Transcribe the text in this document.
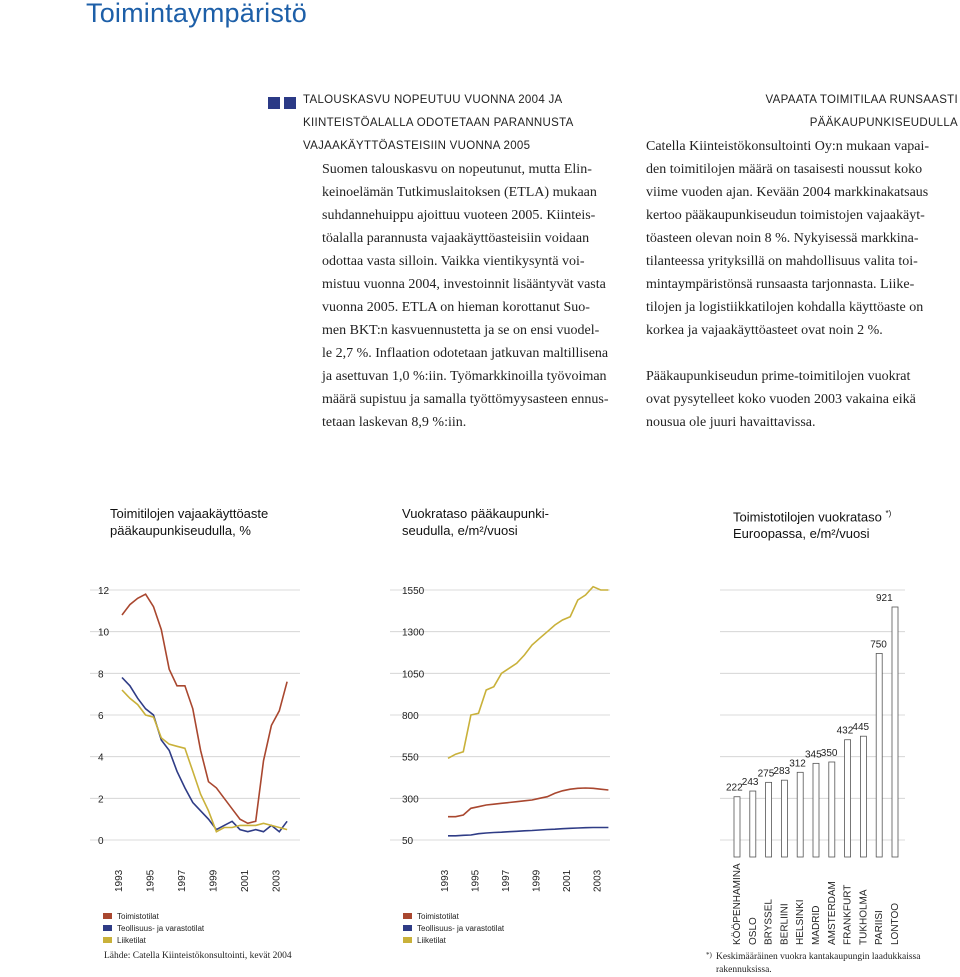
Toimintaympäristö
TALOUSKASVU NOPEUTUU VUONNA 2004 JA
KIINTEISTÖALALLA ODOTETAAN PARANNUSTA
VAJAAKÄYTTÖASTEISIIN VUONNA 2005
Suomen talouskasvu on nopeutunut, mutta Elin-
keinoelämän Tutkimuslaitoksen (ETLA) mukaan
suhdannehuippu ajoittuu vuoteen 2005. Kiinteis-
töalalla parannusta vajaakäyttöasteisiin voidaan
odottaa vasta silloin. Vaikka vientikysyntä voi-
mistuu vuonna 2004, investoinnit lisääntyvät vasta
vuonna 2005. ETLA on hieman korottanut Suo-
men BKT:n kasvuennustetta ja se on ensi vuodel-
le 2,7 %. Inflaation odotetaan jatkuvan maltillisena
ja asettuvan 1,0 %:iin. Työmarkkinoilla työvoiman
määrä supistuu ja samalla työttömyysasteen ennus-
tetaan laskevan 8,9 %:iin.
VAPAATA TOIMITILAA RUNSAASTI
PÄÄKAUPUNKISEUDULLA
Catella Kiinteistökonsultointi Oy:n mukaan vapai-
den toimitilojen määrä on tasaisesti noussut koko
viime vuoden ajan. Kevään 2004 markkinakatsaus
kertoo pääkaupunkiseudun toimistojen vajaakäyt-
töasteen olevan noin 8 %. Nykyisessä markkina-
tilanteessa yrityksillä on mahdollisuus valita toi-
mintaympäristönsä runsaasta tarjonnasta. Liike-
tilojen ja logistiikkatilojen kohdalla käyttöaste on
korkea ja vajaakäyttöasteet ovat noin 2 %.
Pääkaupunkiseudun prime-toimitilojen vuokrat
ovat pysytelleet koko vuoden 2003 vakaina eikä
nousua ole juuri havaittavissa.
Toimitilojen vajaakäyttöaste
pääkaupunkiseudulla, %
Vuokrataso pääkaupunki-
seudulla, e/m²/vuosi
Toimistotilojen vuokrataso *)
Euroopassa, e/m²/vuosi
12
10
8
6
4
2
0
1993 1995 1997 1999 2001 2003
Toimistotilat
Teollisuus- ja varastotilat
Liiketilat
1550
1300
1050
800
550
300
50
1993 1995 1997 1999 2001 2003
Toimistotilat
Teollisuus- ja varastotilat
Liiketilat
222
KÖÖPENHAMINA
243
OSLO
275
BRYSSEL
283
BERLIINI
312
HELSINKI
345
MADRID
350
AMSTERDAM
432
FRANKFURT
445
TUKHOLMA
750
PARIISI
921
LONTOO
Lähde: Catella Kiinteistökonsultointi, kevät 2004	*) Keskimääräinen vuokra kantakaupungin laadukkaissa
rakennuksissa.
